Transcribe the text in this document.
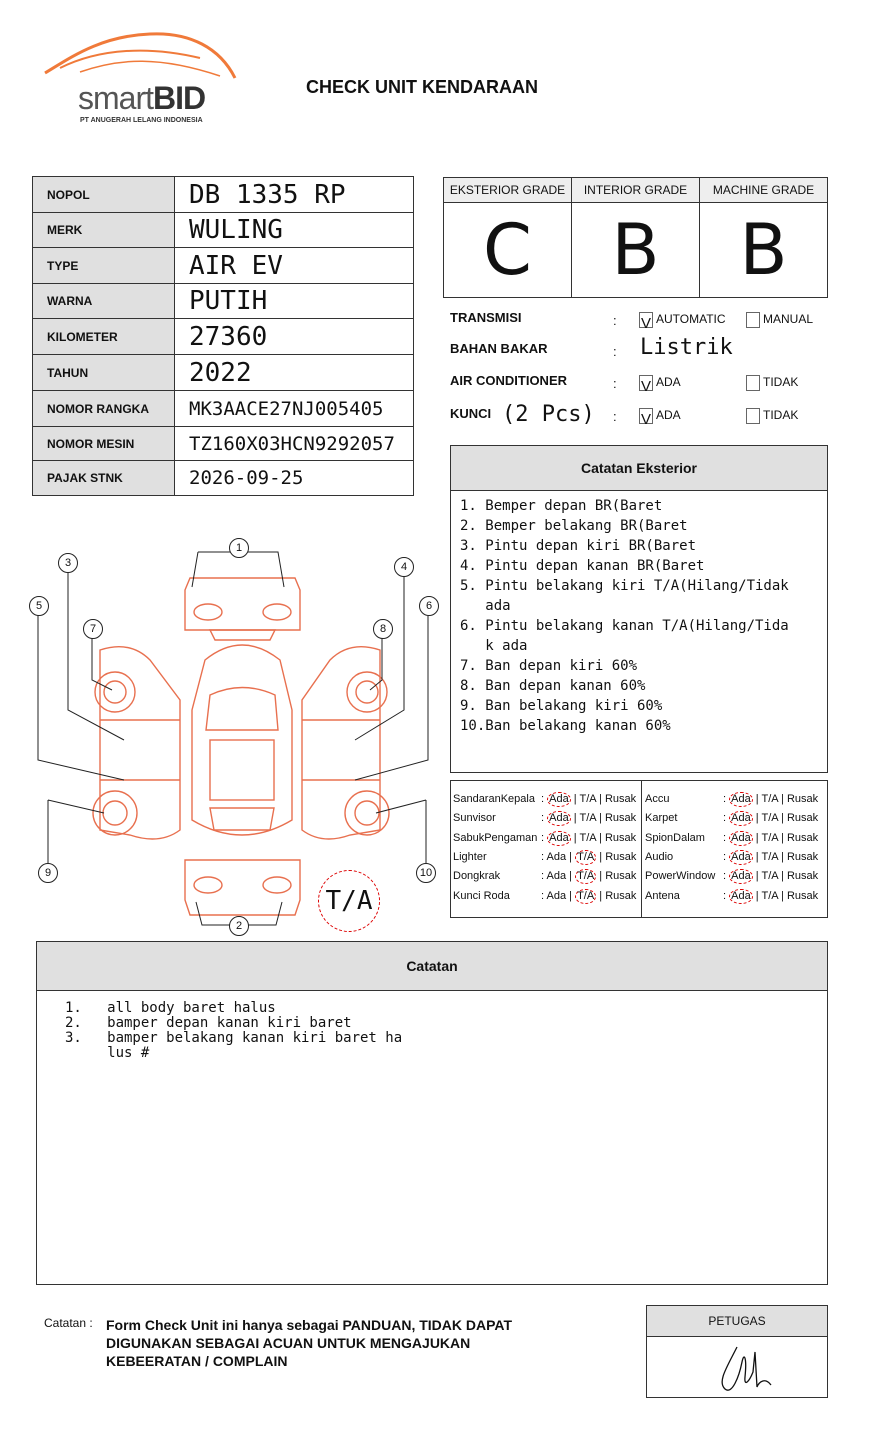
smartBID
PT ANUGERAH LELANG INDONESIA
CHECK UNIT KENDARAAN
NOPOL	DB 1335 RP
MERK	WULING
TYPE	AIR EV
WARNA	PUTIH
KILOMETER	27360
TAHUN	2022
NOMOR RANGKA	MK3AACE27NJ005405
NOMOR MESIN	TZ160X03HCN9292057
PAJAK STNK	2026-09-25
EKSTERIOR GRADE
C
INTERIOR GRADE
B
MACHINE GRADE
B
TRANSMISI	: V	AUTOMATIC	MANUAL
BAHAN BAKAR	: Listrik
AIR CONDITIONER	: V	ADA	TIDAK
KUNCI (2 Pcs) : V	ADA	TIDAK
Catatan Eksterior
1. Bemper depan BR(Baret
2. Bemper belakang BR(Baret
3. Pintu depan kiri BR(Baret
4. Pintu depan kanan BR(Baret
5. Pintu belakang kiri T/A(Hilang/Tidak
ada
6. Pintu belakang kanan T/A(Hilang/Tida
k ada
7. Ban depan kiri 60%
8. Ban depan kanan 60%
9. Ban belakang kiri 60%
10.Ban belakang kanan 60%
SandaranKepala : Ada | T/A | Rusak
Sunvisor	: Ada | T/A | Rusak
SabukPengaman : Ada | T/A | Rusak
Lighter	: Ada | T/A | Rusak
Dongkrak	: Ada | T/A | Rusak
Kunci Roda	: Ada | T/A | Rusak
Accu	: Ada | T/A | Rusak
Karpet	: Ada | T/A | Rusak
SpionDalam : Ada | T/A | Rusak
Audio	: Ada | T/A | Rusak
PowerWindow : Ada | T/A | Rusak
Antena	: Ada | T/A | Rusak
1
2
3	4
5	6
7	8
9	10
T/A
Catatan
1.   all body baret halus
2.   bamper depan kanan kiri baret
3.   bamper belakang kanan kiri baret ha
lus #
Catatan : Form Check Unit ini hanya sebagai PANDUAN, TIDAK DAPAT DIGUNAKAN SEBAGAI ACUAN UNTUK MENGAJUKAN KEBEERATAN / COMPLAIN
PETUGAS
